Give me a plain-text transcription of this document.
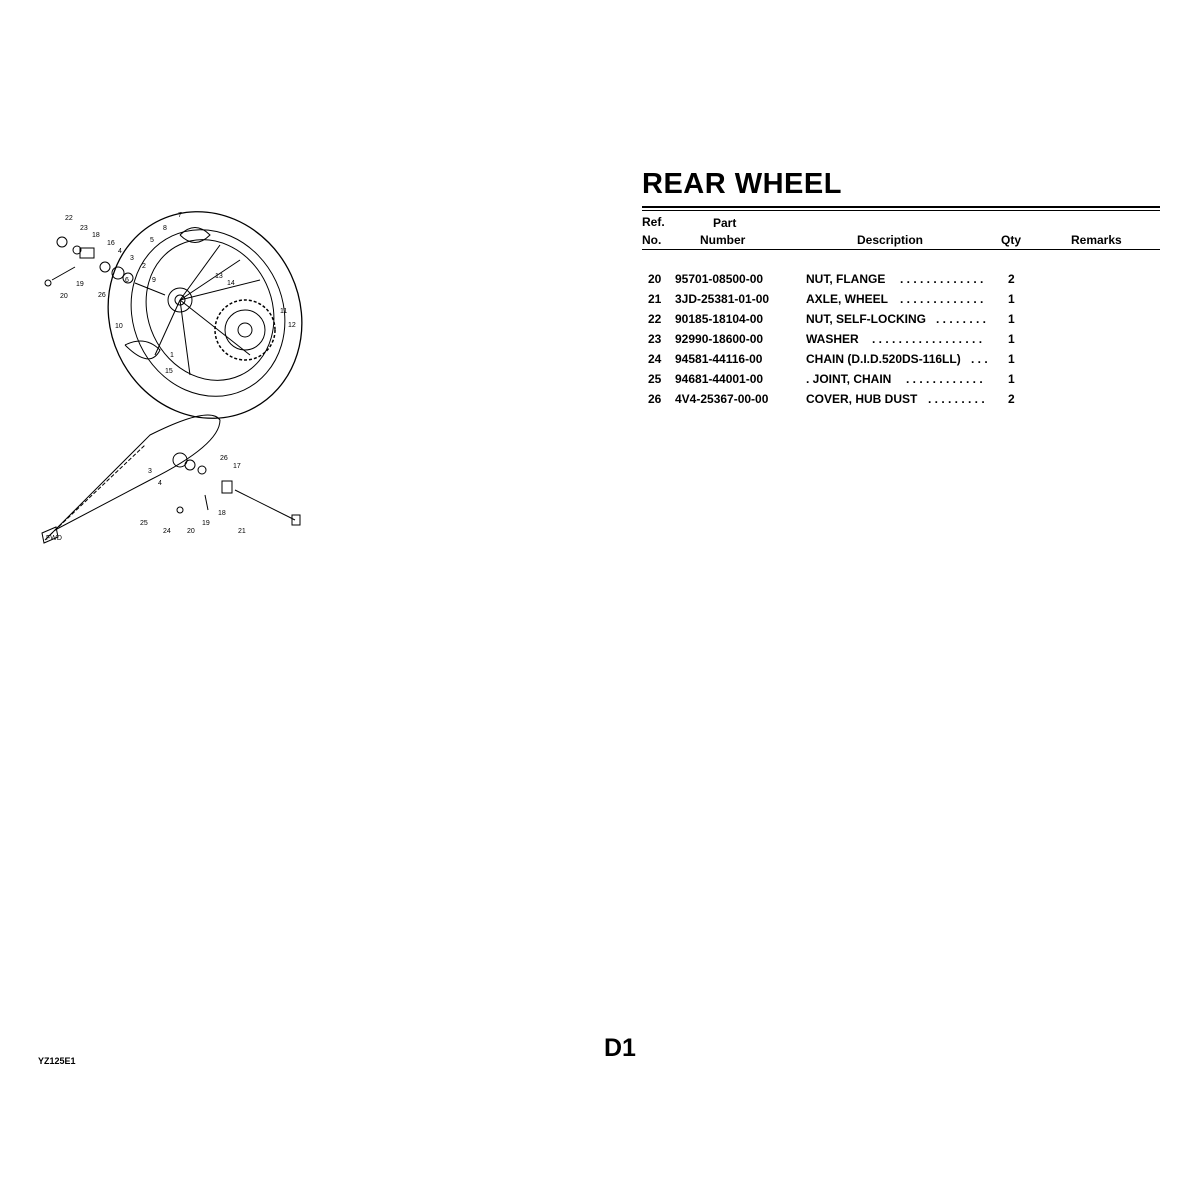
22
23
18
16
4
3
2
19
20	26
7
8
5
9
6
10
13
14
11
12
1
15
3
4
26
17
25
24 20
19
18
21
FWD
REAR WHEEL
Ref.
No.
Part
Number	Description	Qty	Remarks
20 95701-08500-00	NUT, FLANGE . . . . . . . . . . . . . 2
21 3JD-25381-01-00	AXLE, WHEEL . . . . . . . . . . . . . 1
22 90185-18104-00	NUT, SELF-LOCKING . . . . . . . . 1
23 92990-18600-00	WASHER . . . . . . . . . . . . . . . . . 1
24 94581-44116-00	CHAIN (D.I.D.520DS-116LL) . . . 1
25 94681-44001-00	. JOINT, CHAIN . . . . . . . . . . . . 1
26 4V4-25367-00-00	COVER, HUB DUST . . . . . . . . . 2
YZ125E1	D1
